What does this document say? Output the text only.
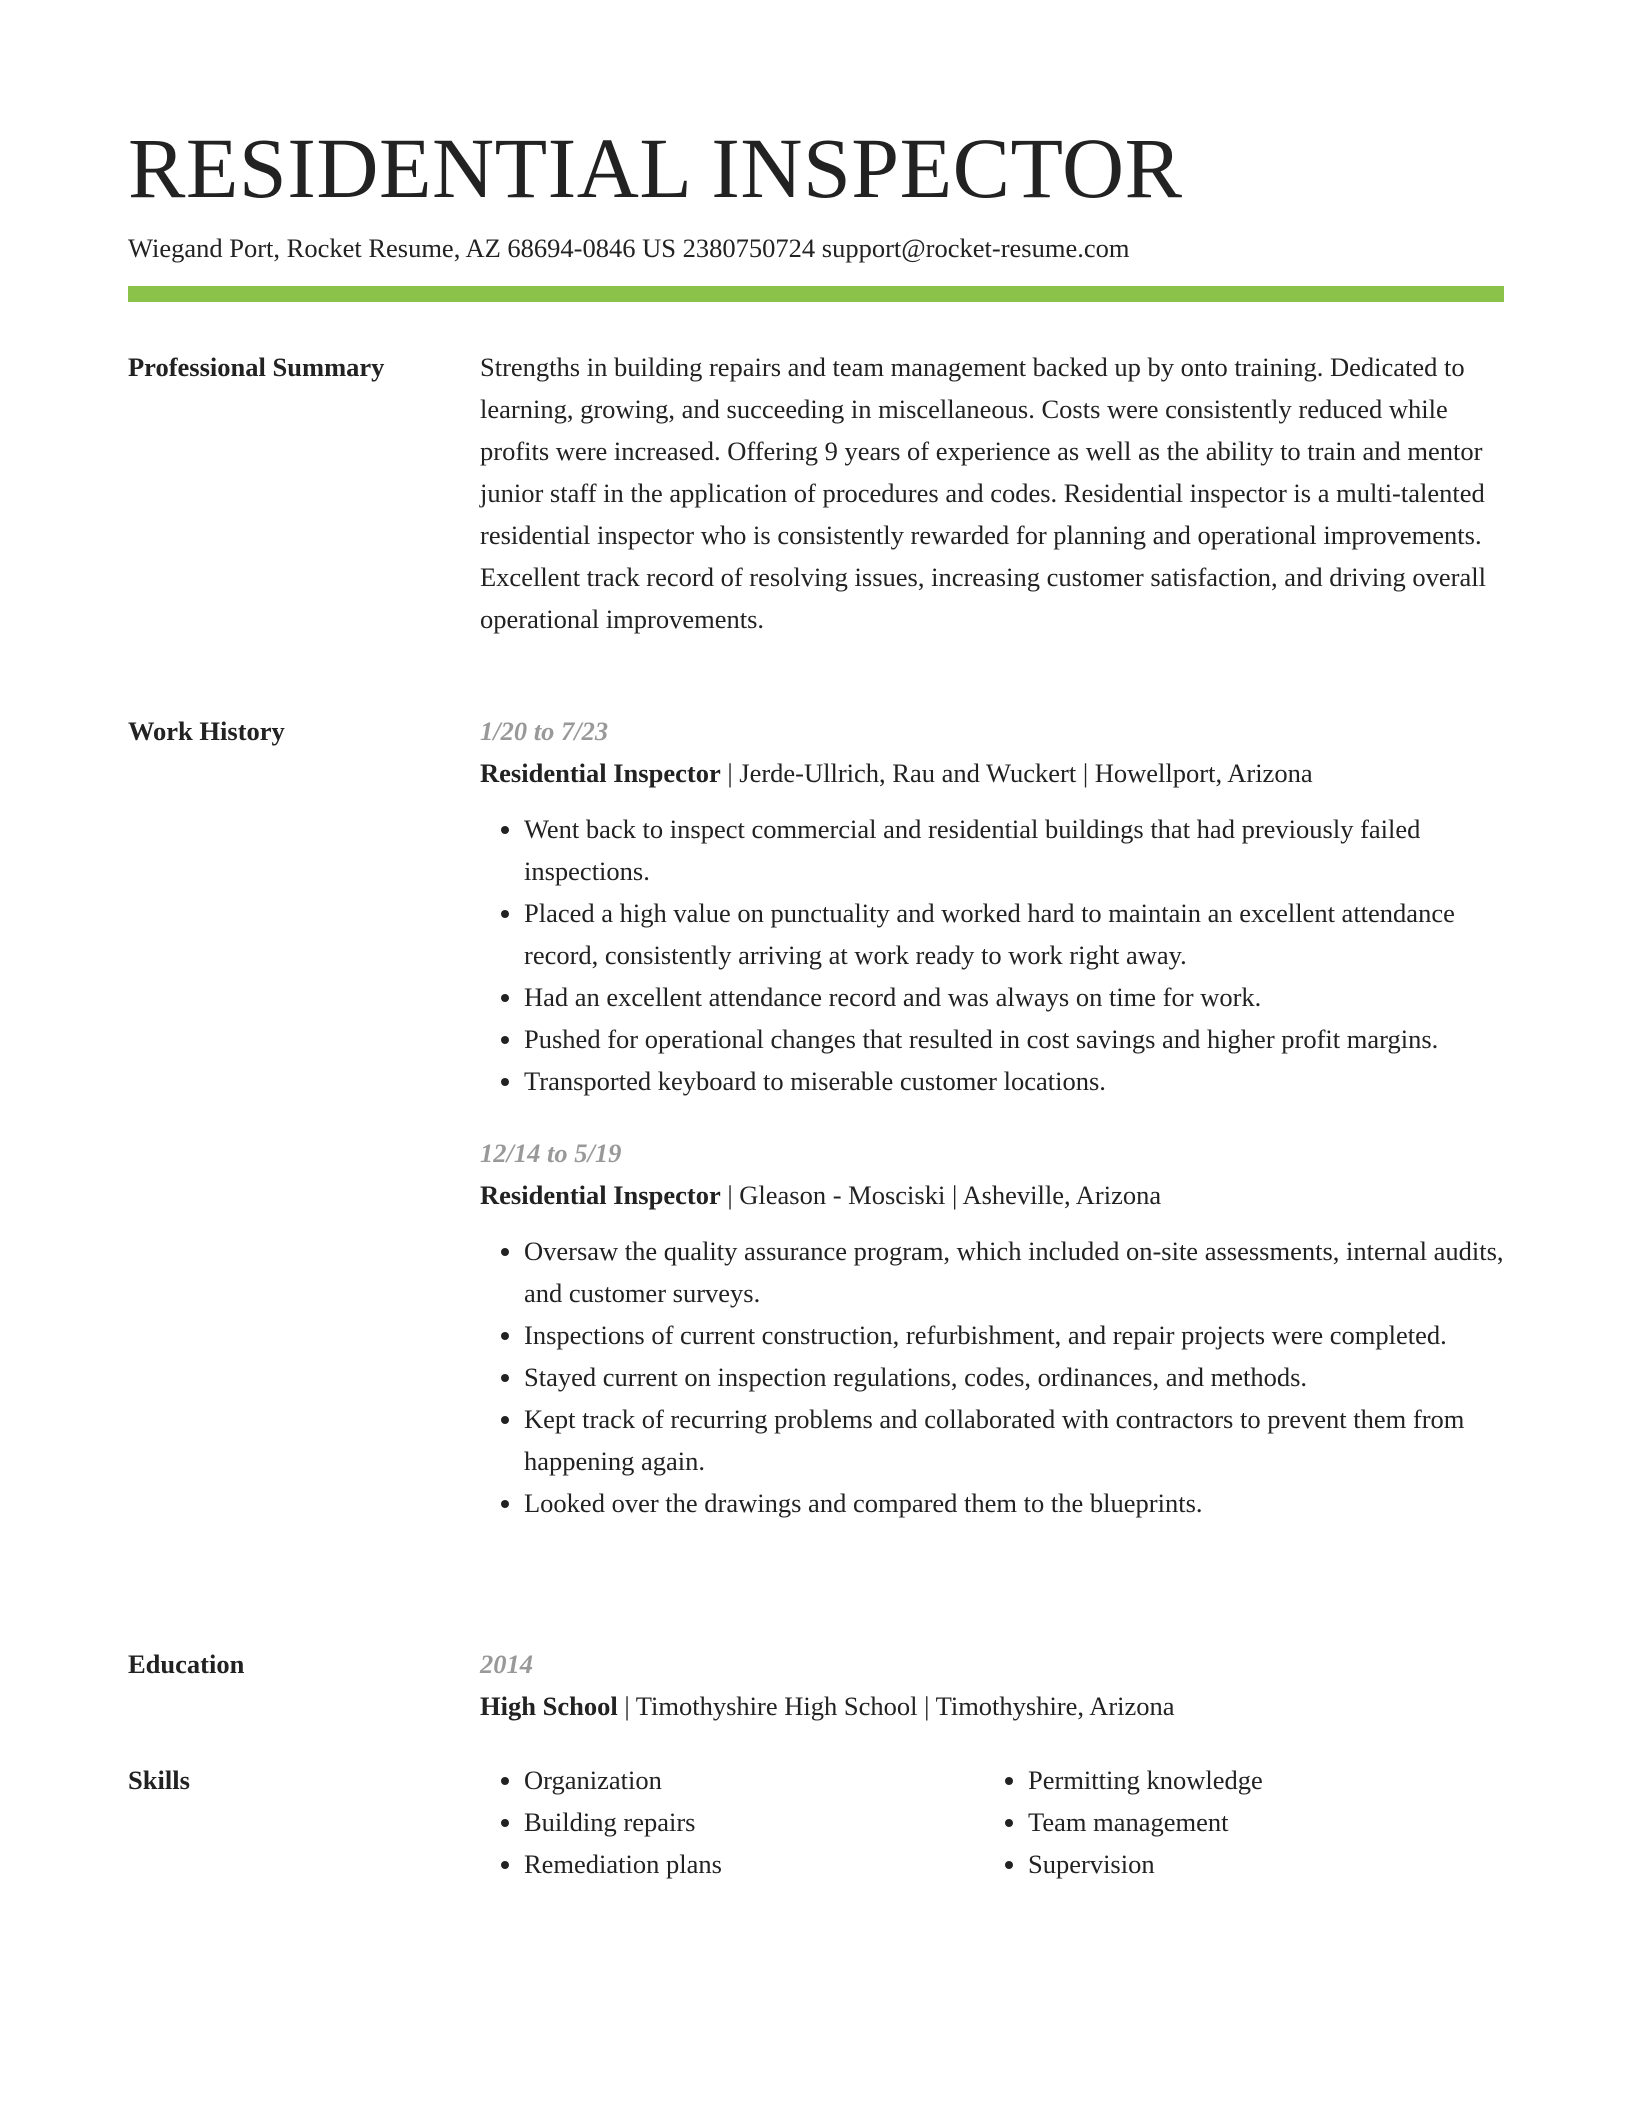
RESIDENTIAL INSPECTOR
Wiegand Port, Rocket Resume, AZ 68694-0846 US 2380750724 support@rocket-resume.com
Professional Summary	Strengths in building repairs and team management backed up by onto training. Dedicated to learning, growing, and succeeding in miscellaneous. Costs were consistently reduced while profits were increased. Offering 9 years of experience as well as the ability to train and mentor junior staff in the application of procedures and codes. Residential inspector is a multi-talented residential inspector who is consistently rewarded for planning and operational improvements. Excellent track record of resolving issues, increasing customer satisfaction, and driving overall operational improvements.

Work History	1/20 to 7/23
Residential Inspector | Jerde-Ullrich, Rau and Wuckert | Howellport, Arizona
• Went back to inspect commercial and residential buildings that had previously failed inspections.
• Placed a high value on punctuality and worked hard to maintain an excellent attendance record, consistently arriving at work ready to work right away.
• Had an excellent attendance record and was always on time for work.
• Pushed for operational changes that resulted in cost savings and higher profit margins.
• Transported keyboard to miserable customer locations.
12/14 to 5/19
Residential Inspector | Gleason - Mosciski | Asheville, Arizona
• Oversaw the quality assurance program, which included on-site assessments, internal audits, and customer surveys.
• Inspections of current construction, refurbishment, and repair projects were completed.
• Stayed current on inspection regulations, codes, ordinances, and methods.
• Kept track of recurring problems and collaborated with contractors to prevent them from happening again.
• Looked over the drawings and compared them to the blueprints.
Education	2014
High School | Timothyshire High School | Timothyshire, Arizona
Skills
•	Organization
• Building repairs
• Remediation plans
• Permitting knowledge
• Team management
• Supervision
